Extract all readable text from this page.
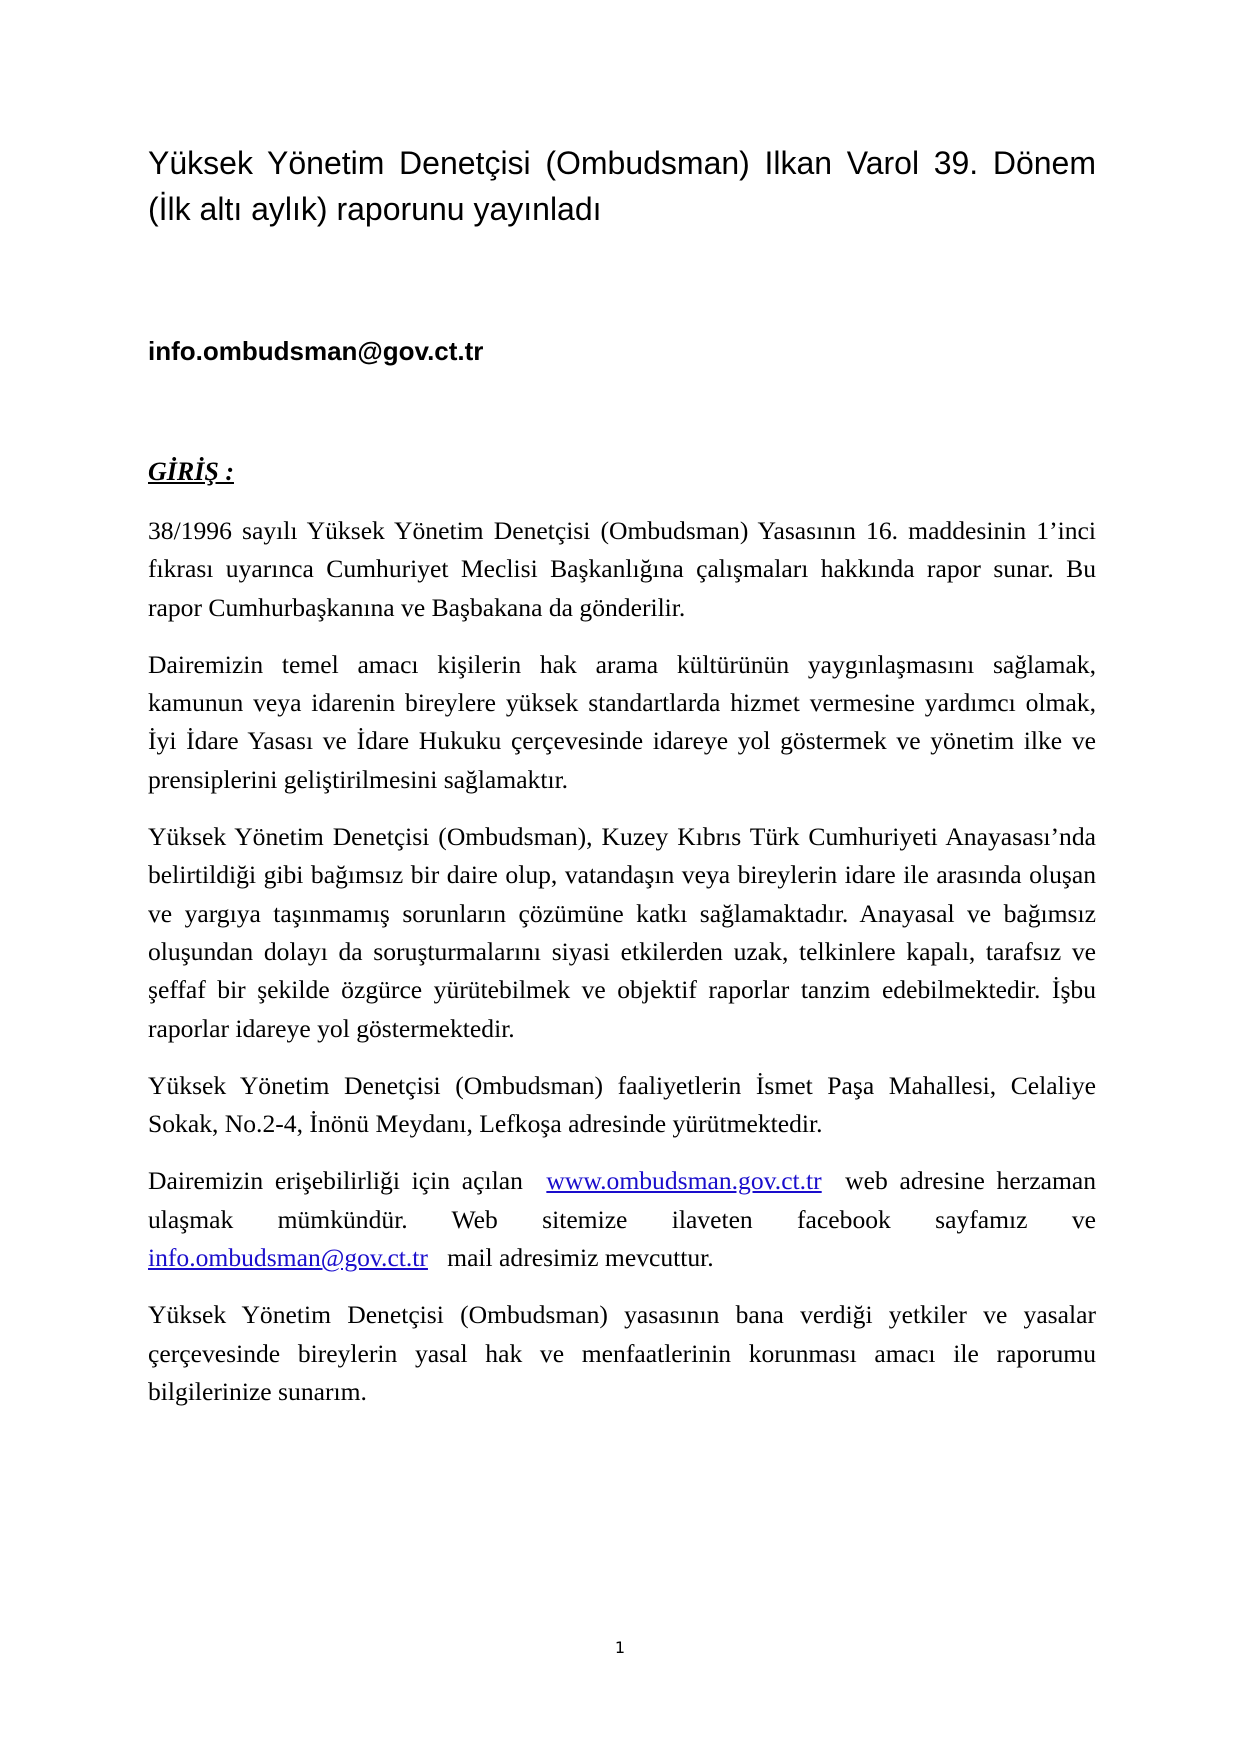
Yüksek Yönetim Denetçisi (Ombudsman) Ilkan Varol 39. Dönem (İlk altı aylık) raporunu yayınladı
info.ombudsman@gov.ct.tr
GİRİŞ :

38/1996 sayılı Yüksek Yönetim Denetçisi (Ombudsman) Yasasının 16. maddesinin 1’inci fıkrası uyarınca Cumhuriyet Meclisi Başkanlığına çalışmaları hakkında rapor sunar. Bu rapor Cumhurbaşkanına ve Başbakana da gönderilir.

Dairemizin temel amacı kişilerin hak arama kültürünün yaygınlaşmasını sağlamak, kamunun veya idarenin bireylere yüksek standartlarda hizmet vermesine yardımcı olmak, İyi İdare Yasası ve İdare Hukuku çerçevesinde idareye yol göstermek ve yönetim ilke ve prensiplerini geliştirilmesini sağlamaktır.

Yüksek Yönetim Denetçisi (Ombudsman), Kuzey Kıbrıs Türk Cumhuriyeti Anayasası’nda belirtildiği gibi bağımsız bir daire olup, vatandaşın veya bireylerin idare ile arasında oluşan ve yargıya taşınmamış sorunların çözümüne katkı sağlamaktadır. Anayasal ve bağımsız oluşundan dolayı da soruşturmalarını siyasi etkilerden uzak, telkinlere kapalı, tarafsız ve şeffaf bir şekilde özgürce yürütebilmek ve objektif raporlar tanzim edebilmektedir. İşbu raporlar idareye yol göstermektedir.

Yüksek Yönetim Denetçisi (Ombudsman) faaliyetlerin İsmet Paşa Mahallesi, Celaliye Sokak, No.2-4, İnönü Meydanı, Lefkoşa adresinde yürütmektedir.

Dairemizin erişebilirliği için açılan www.ombudsman.gov.ct.tr web adresine herzaman ulaşmak mümkündür. Web sitemize ilaveten facebook sayfamız ve info.ombudsman@gov.ct.tr mail adresimiz mevcuttur.

Yüksek Yönetim Denetçisi (Ombudsman) yasasının bana verdiği yetkiler ve yasalar çerçevesinde bireylerin yasal hak ve menfaatlerinin korunması amacı ile raporumu bilgilerinize sunarım.

1
